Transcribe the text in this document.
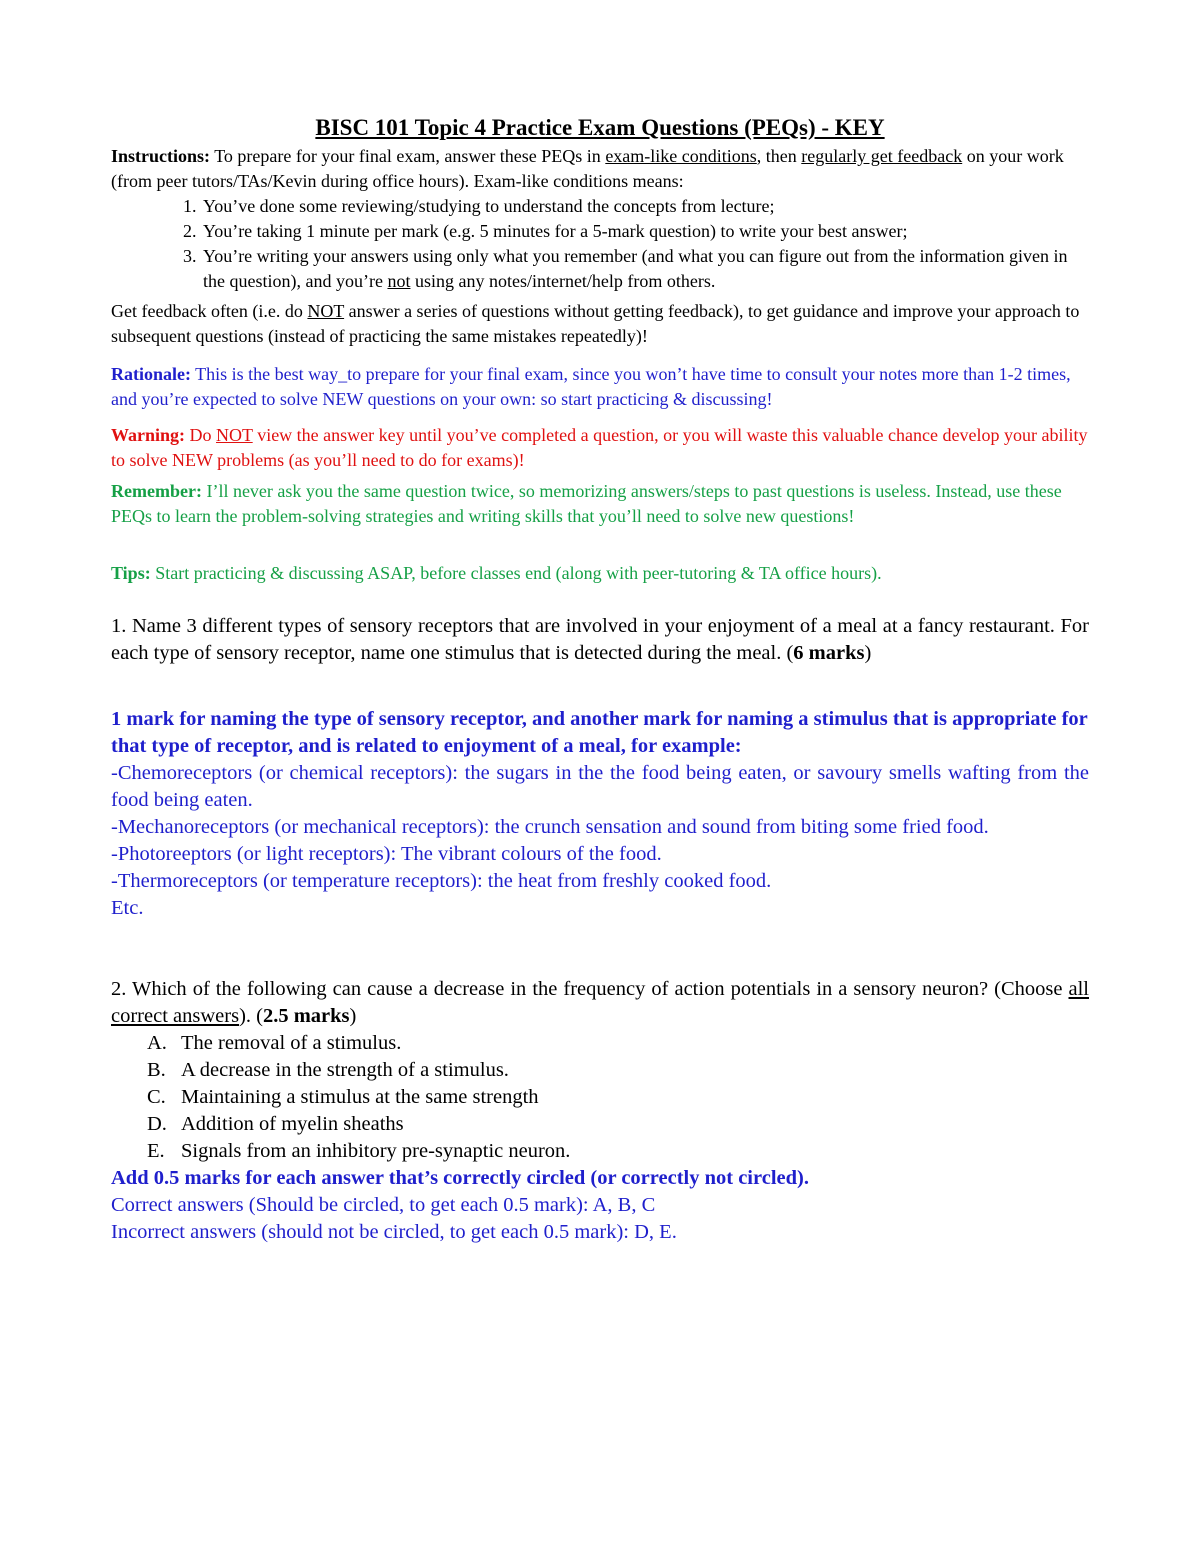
BISC 101 Topic 4 Practice Exam Questions (PEQs) - KEY

Instructions: To prepare for your final exam, answer these PEQs in exam-like conditions, then regularly get feedback on your work (from peer tutors/TAs/Kevin during office hours). Exam-like conditions means:

1. You’ve done some reviewing/studying to understand the concepts from lecture;
2. You’re taking 1 minute per mark (e.g. 5 minutes for a 5-mark question) to write your best answer;
3. You’re writing your answers using only what you remember (and what you can figure out from the information given in the question), and you’re not using any notes/internet/help from others.

Get feedback often (i.e. do NOT answer a series of questions without getting feedback), to get guidance and improve your approach to subsequent questions (instead of practicing the same mistakes repeatedly)!

Rationale: This is the best way_to prepare for your final exam, since you won’t have time to consult your notes more than 1-2 times, and you’re expected to solve NEW questions on your own: so start practicing & discussing!

Warning: Do NOT view the answer key until you’ve completed a question, or you will waste this valuable chance develop your ability to solve NEW problems (as you’ll need to do for exams)!

Remember: I’ll never ask you the same question twice, so memorizing answers/steps to past questions is useless. Instead, use these PEQs to learn the problem-solving strategies and writing skills that you’ll need to solve new questions!

Tips: Start practicing & discussing ASAP, before classes end (along with peer-tutoring & TA office hours).

1. Name 3 different types of sensory receptors that are involved in your enjoyment of a meal at a fancy restaurant. For each type of sensory receptor, name one stimulus that is detected during the meal. (6 marks)

1 mark for naming the type of sensory receptor, and another mark for naming a stimulus that is appropriate for that type of receptor, and is related to enjoyment of a meal, for example:

-Chemoreceptors (or chemical receptors): the sugars in the the food being eaten, or savoury smells wafting from the food being eaten.

-Mechanoreceptors (or mechanical receptors): the crunch sensation and sound from biting some fried food.

-Photoreeptors (or light receptors): The vibrant colours of the food.

-Thermoreceptors (or temperature receptors): the heat from freshly cooked food.

Etc.

2. Which of the following can cause a decrease in the frequency of action potentials in a sensory neuron? (Choose all correct answers). (2.5 marks)

A. The removal of a stimulus.
B. A decrease in the strength of a stimulus.
C. Maintaining a stimulus at the same strength
D. Addition of myelin sheaths
E. Signals from an inhibitory pre-synaptic neuron.

Add 0.5 marks for each answer that’s correctly circled (or correctly not circled).

Correct answers (Should be circled, to get each 0.5 mark): A, B, C

Incorrect answers (should not be circled, to get each 0.5 mark): D, E.
